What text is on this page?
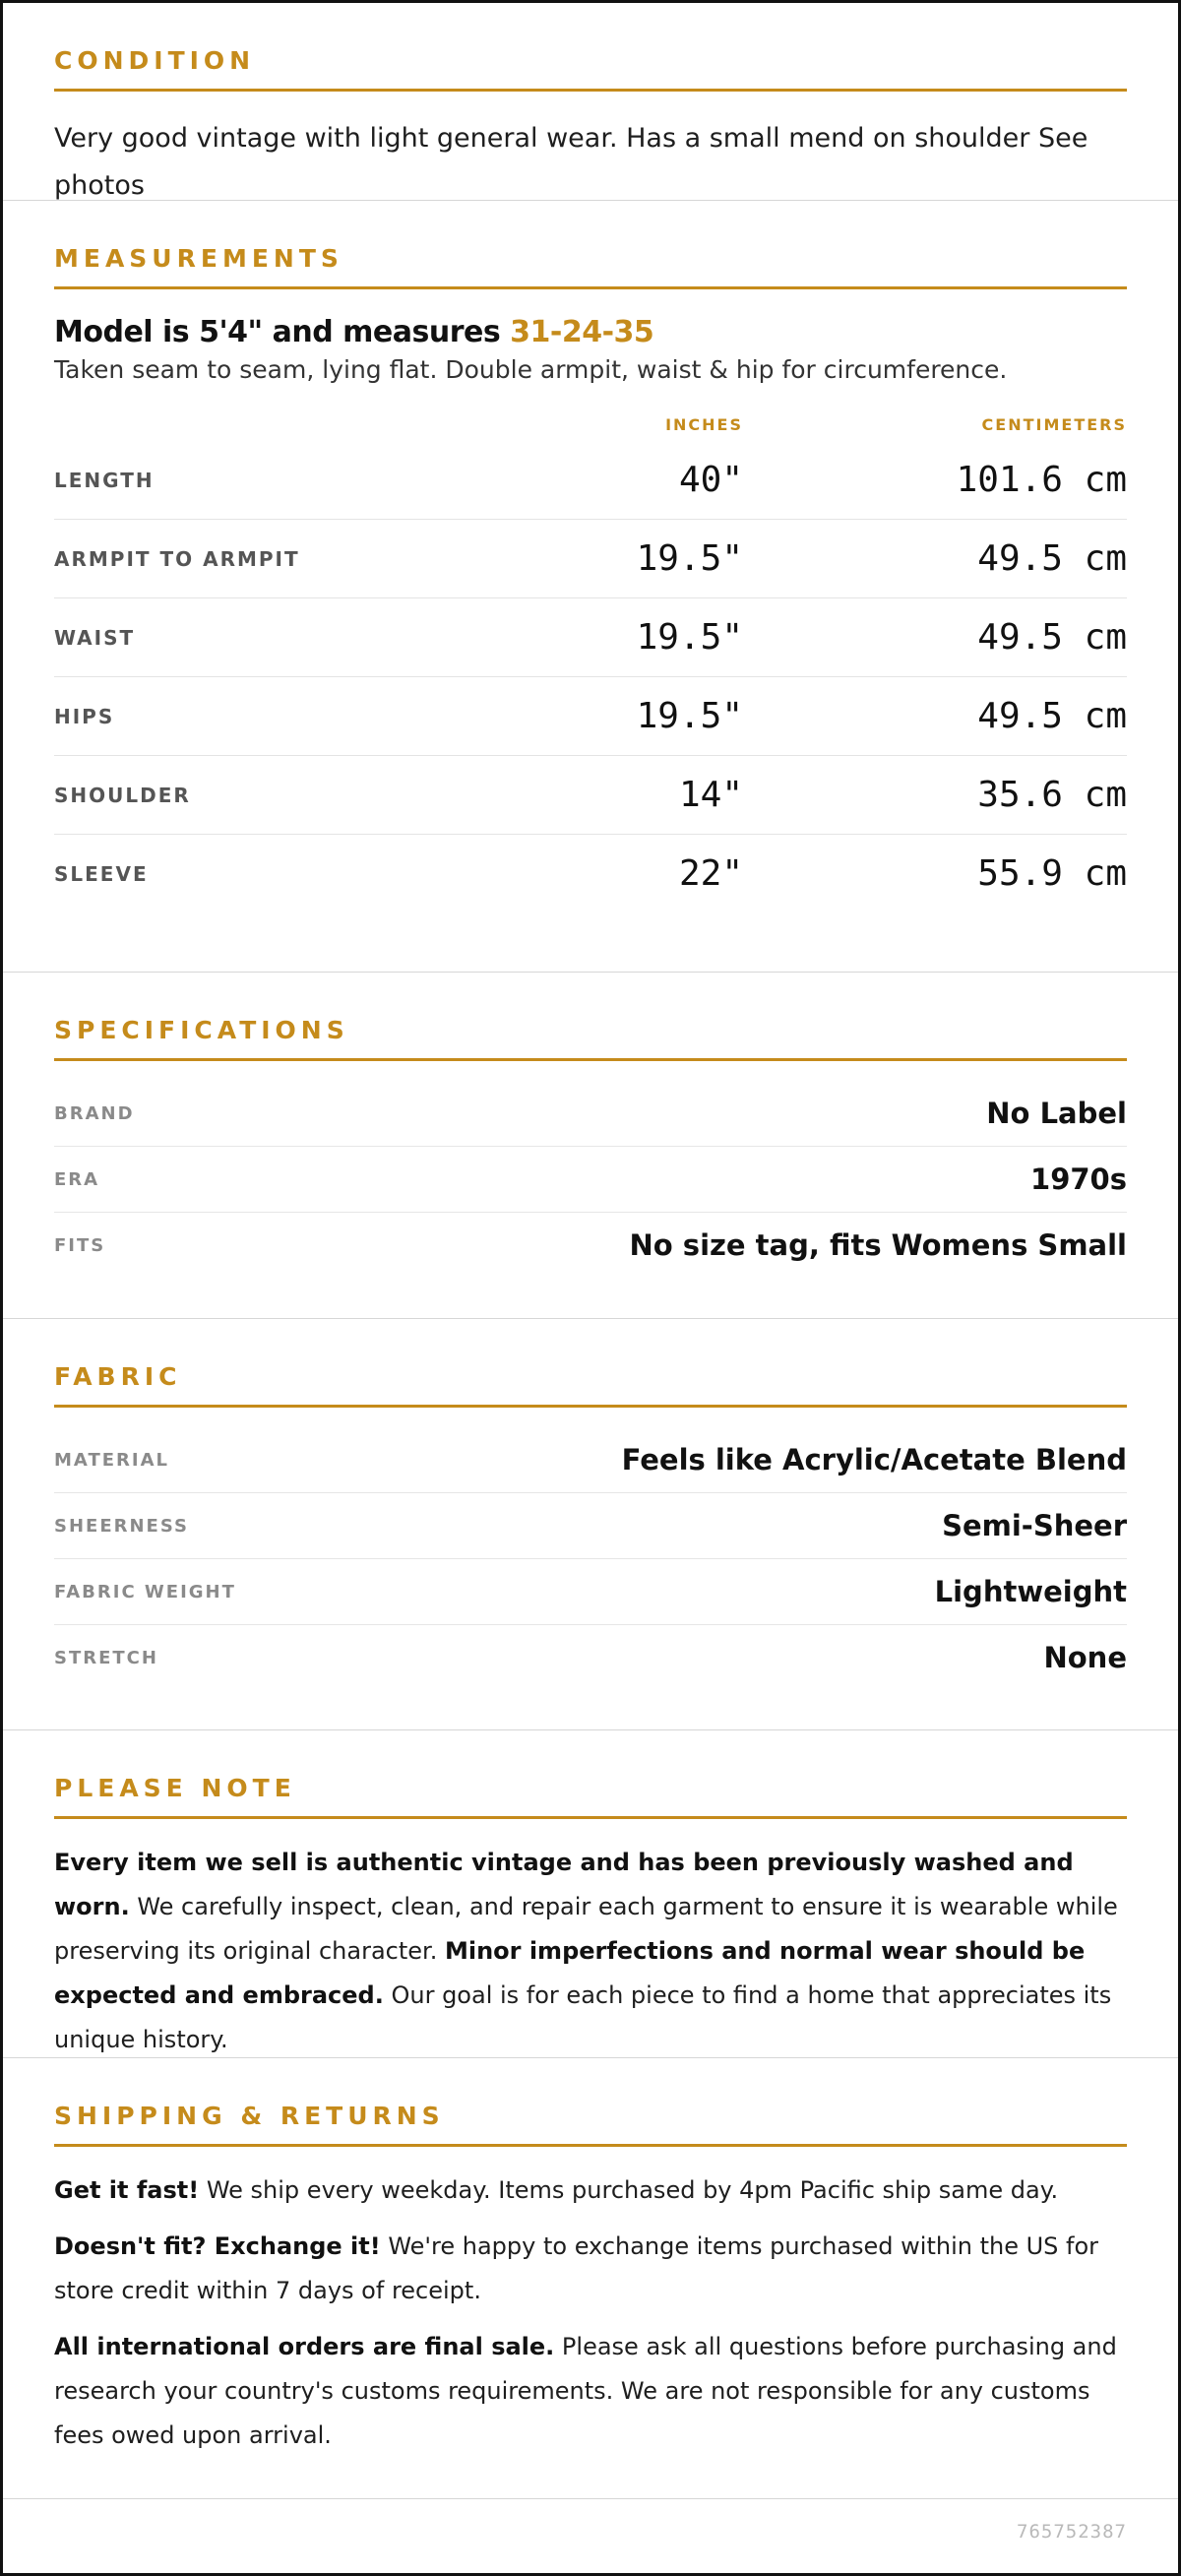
CONDITION
Very good vintage with light general wear. Has a small mend on shoulder See photos
MEASUREMENTS
Model is 5'4" and measures 31-24-35
Taken seam to seam, lying flat. Double armpit, waist & hip for circumference.
INCHES	CENTIMETERS
LENGTH	40"	101.6 cm
ARMPIT TO ARMPIT	19.5"	49.5 cm
WAIST	19.5"	49.5 cm
HIPS	19.5"	49.5 cm
SHOULDER	14"	35.6 cm
SLEEVE	22"	55.9 cm
SPECIFICATIONS
BRAND	No Label
ERA	1970s
FITS	No size tag, fits Womens Small
FABRIC
MATERIAL	Feels like Acrylic/Acetate Blend
SHEERNESS	Semi-Sheer
FABRIC WEIGHT	Lightweight
STRETCH	None
PLEASE NOTE
Every item we sell is authentic vintage and has been previously washed and worn. We carefully inspect, clean, and repair each garment to ensure it is wearable while preserving its original character. Minor imperfections and normal wear should be expected and embraced. Our goal is for each piece to find a home that appreciates its unique history.
SHIPPING & RETURNS

Get it fast! We ship every weekday. Items purchased by 4pm Pacific ship same day.

Doesn't fit? Exchange it! We're happy to exchange items purchased within the US for store credit within 7 days of receipt.

All international orders are final sale. Please ask all questions before purchasing and research your country's customs requirements. We are not responsible for any customs fees owed upon arrival.

765752387
